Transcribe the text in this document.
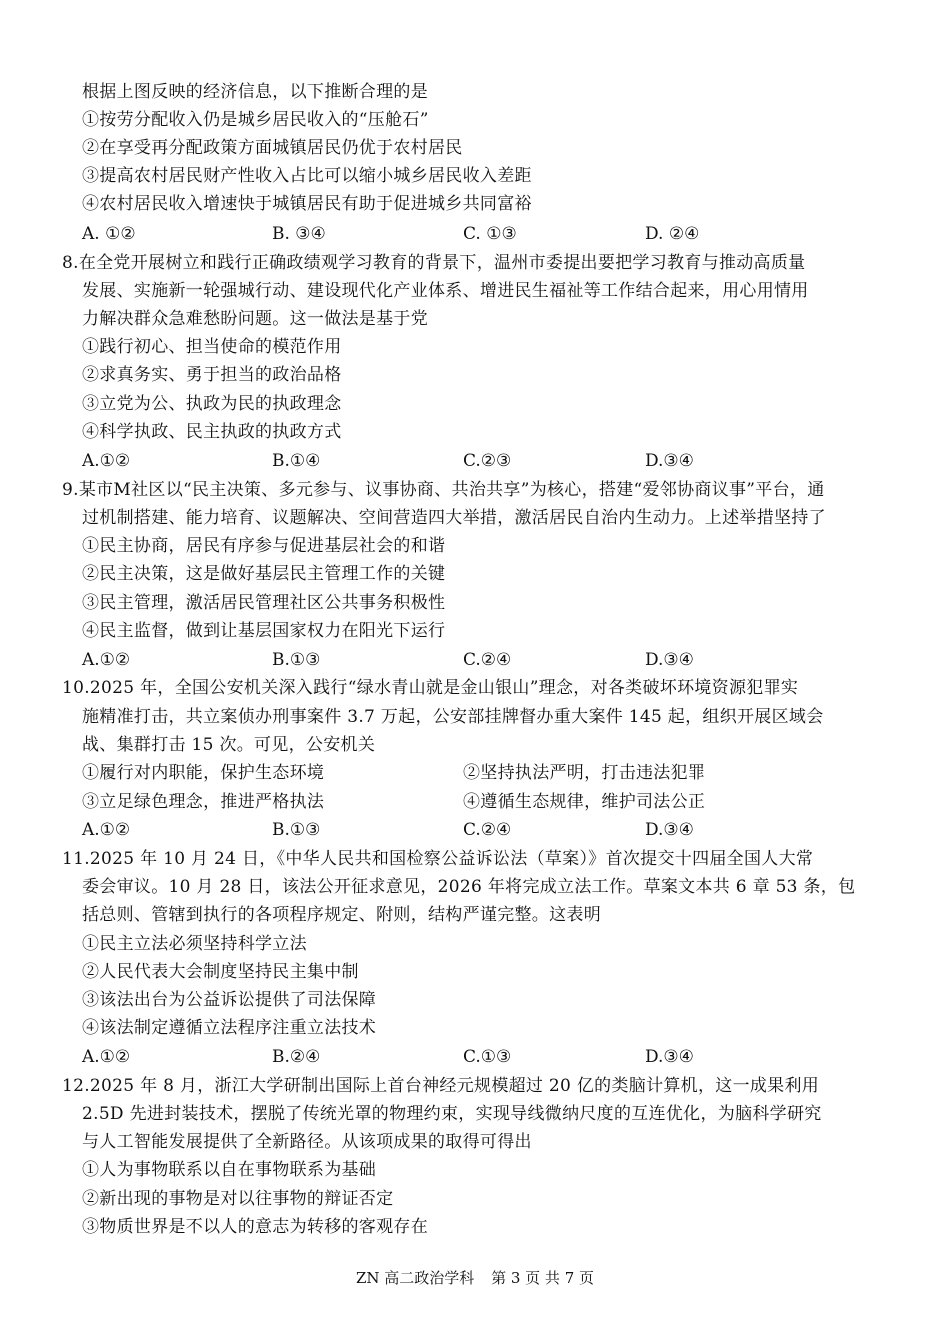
根据上图反映的经济信息，以下推断合理的是
①按劳分配收入仍是城乡居民收入的“压舱石”
②在享受再分配政策方面城镇居民仍优于农村居民
③提高农村居民财产性收入占比可以缩小城乡居民收入差距
④农村居民收入增速快于城镇居民有助于促进城乡共同富裕
A. ①②	B. ③④	C. ①③	D. ②④
8.在全党开展树立和践行正确政绩观学习教育的背景下，温州市委提出要把学习教育与推动高质量
发展、实施新一轮强城行动、建设现代化产业体系、增进民生福祉等工作结合起来，用心用情用
力解决群众急难愁盼问题。这一做法是基于党
①践行初心、担当使命的模范作用
②求真务实、勇于担当的政治品格
③立党为公、执政为民的执政理念
④科学执政、民主执政的执政方式
A.①②	B.①④	C.②③	D.③④
9.某市M社区以“民主决策、多元参与、议事协商、共治共享”为核心，搭建“爱邻协商议事”平台，通
过机制搭建、能力培育、议题解决、空间营造四大举措，激活居民自治内生动力。上述举措坚持了
①民主协商，居民有序参与促进基层社会的和谐
②民主决策，这是做好基层民主管理工作的关键
③民主管理，激活居民管理社区公共事务积极性
④民主监督，做到让基层国家权力在阳光下运行
A.①②	B.①③	C.②④	D.③④
10.2025 年，全国公安机关深入践行“绿水青山就是金山银山”理念，对各类破坏环境资源犯罪实
施精准打击，共立案侦办刑事案件 3.7 万起，公安部挂牌督办重大案件 145 起，组织开展区域会
战、集群打击 15 次。可见，公安机关
①履行对内职能，保护生态环境	②坚持执法严明，打击违法犯罪
③立足绿色理念，推进严格执法	④遵循生态规律，维护司法公正
A.①②	B.①③	C.②④	D.③④
11.2025 年 10 月 24 日，《中华人民共和国检察公益诉讼法（草案）》首次提交十四届全国人大常
委会审议。10 月 28 日，该法公开征求意见，2026 年将完成立法工作。草案文本共 6 章 53 条，包
括总则、管辖到执行的各项程序规定、附则，结构严谨完整。这表明
①民主立法必须坚持科学立法
②人民代表大会制度坚持民主集中制
③该法出台为公益诉讼提供了司法保障
④该法制定遵循立法程序注重立法技术
A.①②	B.②④	C.①③	D.③④
12.2025 年 8 月，浙江大学研制出国际上首台神经元规模超过 20 亿的类脑计算机，这一成果利用
2.5D 先进封装技术，摆脱了传统光罩的物理约束，实现导线微纳尺度的互连优化，为脑科学研究
与人工智能发展提供了全新路径。从该项成果的取得可得出
①人为事物联系以自在事物联系为基础
②新出现的事物是对以往事物的辩证否定
③物质世界是不以人的意志为转移的客观存在
ZN 高二政治学科 第 3 页 共 7 页
